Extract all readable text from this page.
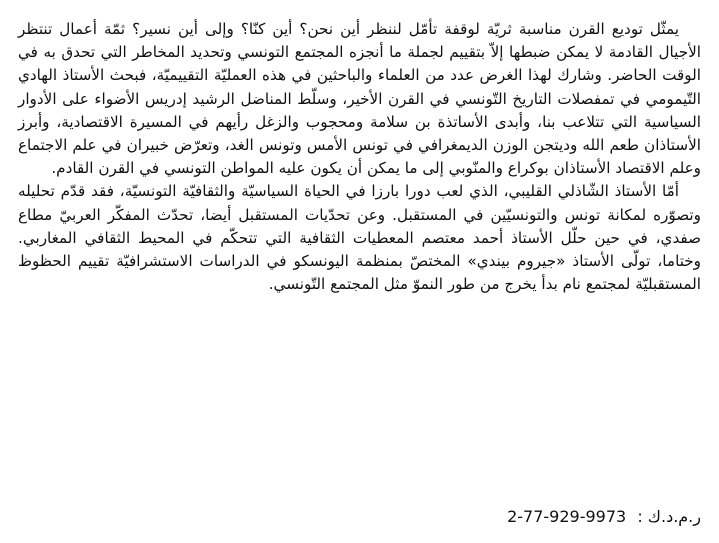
يمثّل توديع القرن مناسبة ثريّة لوقفة تأمّل لننظر أين نحن؟ أين كنّا؟ وإلى أين نسير؟ ثمّة أعمال تنتظر الأجيال القادمة لا يمكن ضبطها إلاّ بتقييم لجملة ما أنجزه المجتمع التونسي وتحديد المخاطر التي تحدق به في الوقت الحاضر. وشارك لهذا الغرض عدد من العلماء والباحثين في هذه العمليّة التقييميّة، فبحث الأستاذ الهادي التّيمومي في تمفصلات التاريخ التّونسي في القرن الأخير، وسلّط المناضل الرشيد إدريس الأضواء على الأدوار السياسية التي تتلاعب بنا، وأبدى الأساتذة بن سلامة ومحجوب والزغل رأيهم في المسيرة الاقتصادية، وأبرز الأستاذان طعم الله وديتجن الوزن الديمغرافي في تونس الأمس وتونس الغد، وتعرّض خبيران في علم الاجتماع وعلم الاقتصاد الأستاذان بوكراع والمنّوبي إلى ما يمكن أن يكون عليه المواطن التونسي في القرن القادم.

أمّا الأستاذ الشّاذلي القليبي، الذي لعب دورا بارزا في الحياة السياسيّة والثقافيّة التونسيّة، فقد قدّم تحليله وتصوّره لمكانة تونس والتونسيّين في المستقبل. وعن تحدّيات المستقبل أيضا، تحدّث المفكّر العربيّ مطاع صفدي، في حين حلّل الأستاذ أحمد معتصم المعطيات الثقافية التي تتحكّم في المحيط الثقافي المغاربي. وختاما، تولّى الأستاذ «جيروم بيندي» المختصّ بمنظمة اليونسكو في الدراسات الاستشرافيّة تقييم الحظوظ المستقبليّة لمجتمع نام بدأ يخرج من طور النموّ مثل المجتمع التّونسي.

ر.م.د.ك : 2-77-929-9973
